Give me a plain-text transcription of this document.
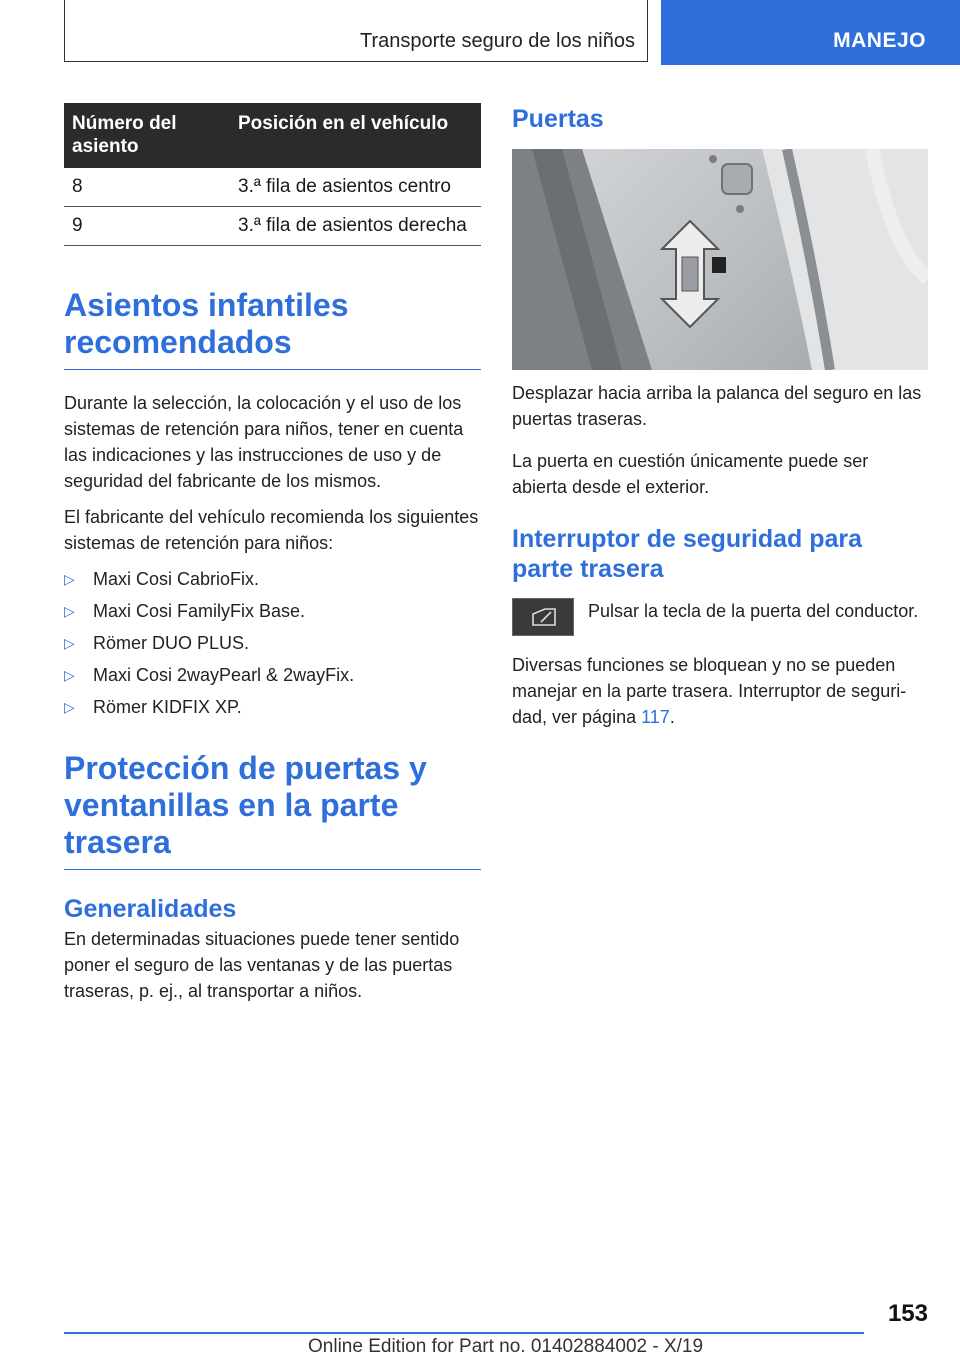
Transporte seguro de los niños	MANEJO
Número del asiento	Posición en el vehículo
8	3.ª fila de asientos centro
9	3.ª fila de asientos derecha
Asientos infantiles recomendados

Durante la selección, la colocación y el uso de los sistemas de retención para niños, tener en cuenta las indicaciones y las instrucciones de uso y de seguridad del fabricante de los mismos.

El fabricante del vehículo recomienda los siguientes sistemas de retención para niños:

▷ Maxi Cosi CabrioFix.
▷ Maxi Cosi FamilyFix Base.
▷ Römer DUO PLUS.
▷ Maxi Cosi 2wayPearl & 2wayFix.
▷ Römer KIDFIX XP.
Protección de puertas y ventanillas en la parte trasera
Generalidades

En determinadas situaciones puede tener sentido poner el seguro de las ventanas y de las puertas traseras, p. ej., al transportar a niños.

Puertas

Desplazar hacia arriba la palanca del seguro en las puertas traseras.

La puerta en cuestión únicamente puede ser abierta desde el exterior.

Interruptor de seguridad para parte trasera

Pulsar la tecla de la puerta del conductor.

Diversas funciones se bloquean y no se pueden manejar en la parte trasera. Interruptor de seguridad, ver página 117.

153
Online Edition for Part no. 01402884002 - X/19
